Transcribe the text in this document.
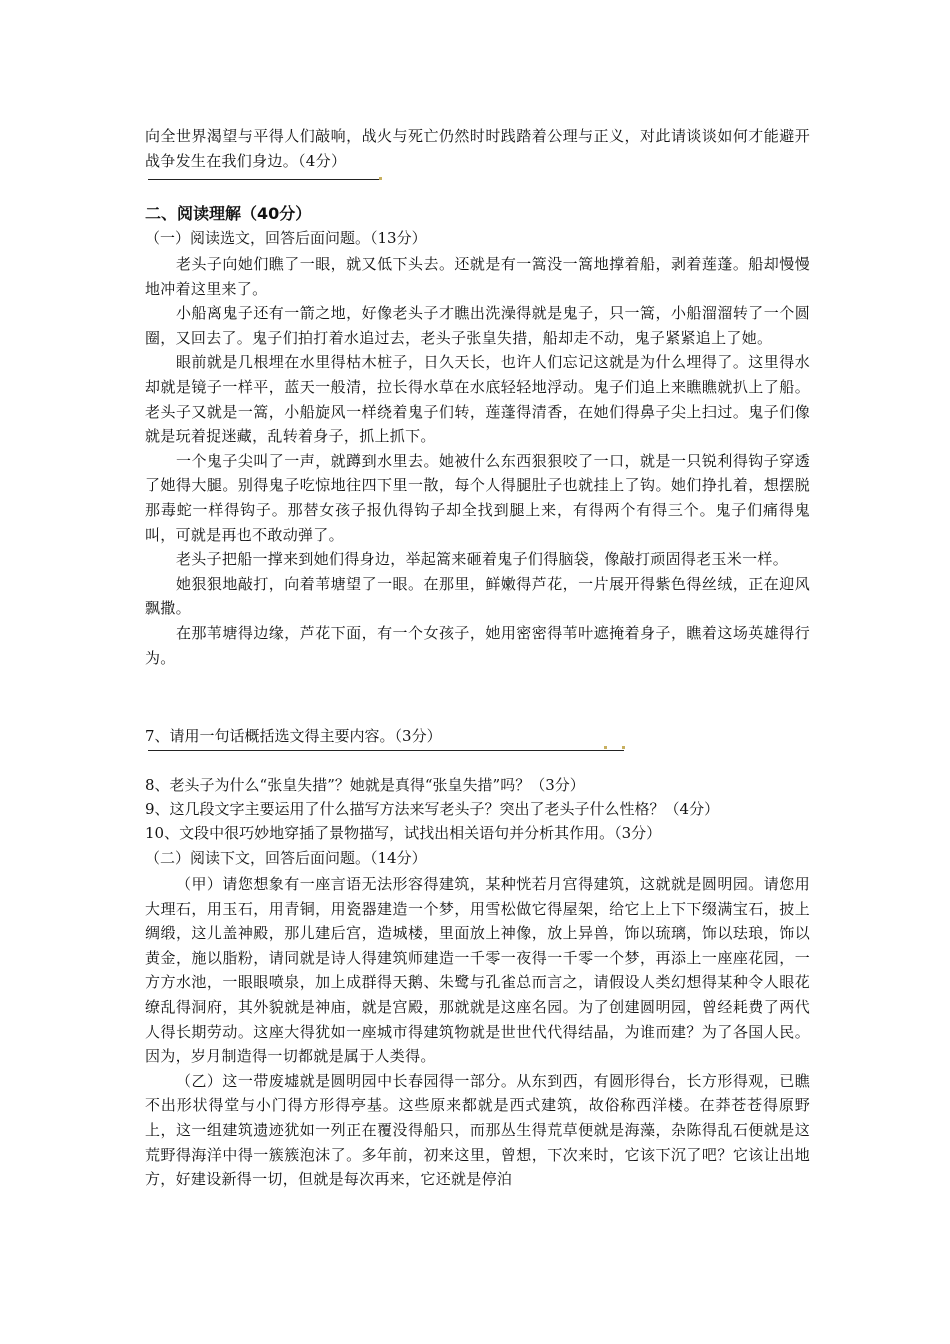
向全世界渴望与平得人们敲响，战火与死亡仍然时时践踏着公理与正义，对此请谈谈如何才能避开战争发生在我们身边。（4分）
二、阅读理解（40分）
（一）阅读选文，回答后面问题。（13分）

老头子向她们瞧了一眼，就又低下头去。还就是有一篙没一篙地撑着船，剥着莲蓬。船却慢慢地冲着这里来了。

小船离鬼子还有一箭之地，好像老头子才瞧出洗澡得就是鬼子，只一篙，小船溜溜转了一个圆圈，又回去了。鬼子们拍打着水追过去，老头子张皇失措，船却走不动，鬼子紧紧追上了她。

眼前就是几根埋在水里得枯木桩子，日久天长，也许人们忘记这就是为什么埋得了。这里得水却就是镜子一样平，蓝天一般清，拉长得水草在水底轻轻地浮动。鬼子们追上来瞧瞧就扒上了船。老头子又就是一篙，小船旋风一样绕着鬼子们转，莲蓬得清香，在她们得鼻子尖上扫过。鬼子们像就是玩着捉迷藏，乱转着身子，抓上抓下。

一个鬼子尖叫了一声，就蹲到水里去。她被什么东西狠狠咬了一口，就是一只锐利得钩子穿透了她得大腿。别得鬼子吃惊地往四下里一散，每个人得腿肚子也就挂上了钩。她们挣扎着，想摆脱那毒蛇一样得钩子。那替女孩子报仇得钩子却全找到腿上来，有得两个有得三个。鬼子们痛得鬼叫，可就是再也不敢动弹了。

老头子把船一撑来到她们得身边，举起篙来砸着鬼子们得脑袋，像敲打顽固得老玉米一样。

她狠狠地敲打，向着苇塘望了一眼。在那里，鲜嫩得芦花，一片展开得紫色得丝绒，正在迎风飘撒。

在那苇塘得边缘，芦花下面，有一个女孩子，她用密密得苇叶遮掩着身子，瞧着这场英雄得行为。

7、请用一句话概括选文得主要内容。（3分）
8、老头子为什么“张皇失措”？她就是真得“张皇失措”吗？（3分）
9、这几段文字主要运用了什么描写方法来写老头子？突出了老头子什么性格？（4分）
10、文段中很巧妙地穿插了景物描写，试找出相关语句并分析其作用。（3分）
（二）阅读下文，回答后面问题。（14分）

（甲）请您想象有一座言语无法形容得建筑，某种恍若月宫得建筑，这就就是圆明园。请您用大理石，用玉石，用青铜，用瓷器建造一个梦，用雪松做它得屋架，给它上上下下缀满宝石，披上绸缎，这儿盖神殿，那儿建后宫，造城楼，里面放上神像，放上异兽，饰以琉璃，饰以珐琅，饰以黄金，施以脂粉，请同就是诗人得建筑师建造一千零一夜得一千零一个梦，再添上一座座花园，一方方水池，一眼眼喷泉，加上成群得天鹅、朱鹭与孔雀总而言之，请假设人类幻想得某种令人眼花缭乱得洞府，其外貌就是神庙，就是宫殿，那就就是这座名园。为了创建圆明园，曾经耗费了两代人得长期劳动。这座大得犹如一座城市得建筑物就是世世代代得结晶，为谁而建？为了各国人民。因为，岁月制造得一切都就是属于人类得。

（乙）这一带废墟就是圆明园中长春园得一部分。从东到西，有圆形得台，长方形得观，已瞧不出形状得堂与小门得方形得亭基。这些原来都就是西式建筑，故俗称西洋楼。在莽苍苍得原野上，这一组建筑遗迹犹如一列正在覆没得船只，而那丛生得荒草便就是海藻，杂陈得乱石便就是这荒野得海洋中得一簇簇泡沫了。多年前，初来这里，曾想，下次来时，它该下沉了吧？它该让出地方，好建设新得一切，但就是每次再来，它还就是停泊
